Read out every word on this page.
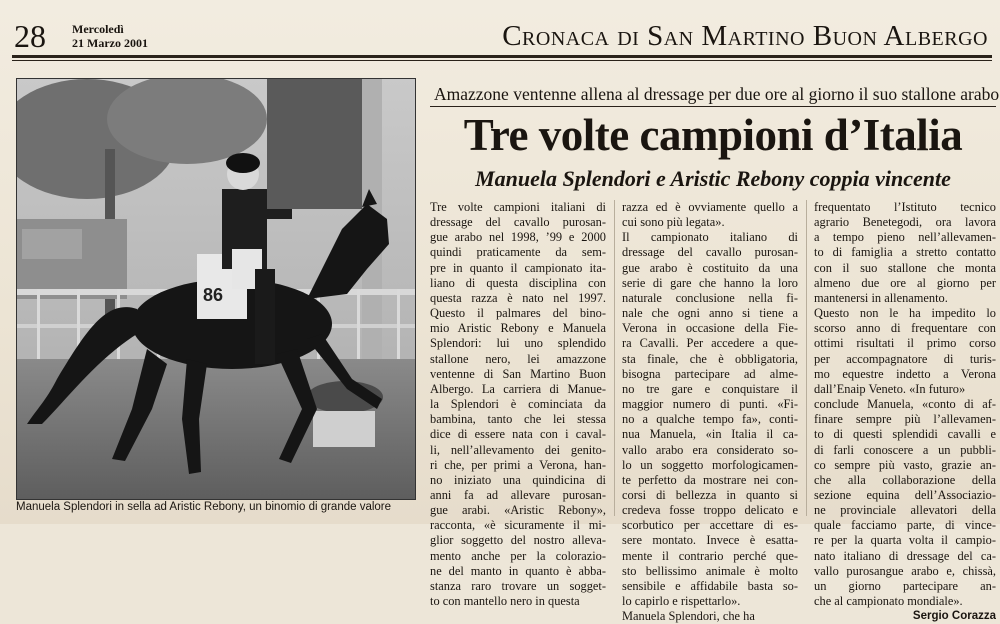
28 Mercoledì
21 Marzo 2001	Cronaca di San Martino Buon Albergo
86
Manuela Splendori in sella ad Aristic Rebony, un binomio di grande valore
Amazzone ventenne allena al dressage per due ore al giorno il suo stallone arabo
Tre volte campioni d’Italia
Manuela Splendori e Aristic Rebony coppia vincente
Tre volte campioni italiani di
dressage del cavallo purosan-
gue arabo nel 1998, ’99 e 2000
quindi praticamente da sem-
pre in quanto il campionato ita-
liano di questa disciplina con
questa razza è nato nel 1997.
Questo il palmares del bino-
mio Aristic Rebony e Manuela
Splendori: lui uno splendido
stallone nero, lei amazzone
ventenne di San Martino Buon
Albergo. La carriera di Manue-
la Splendori è cominciata da
bambina, tanto che lei stessa
dice di essere nata con i caval-
li, nell’allevamento dei genito-
ri che, per primi a Verona, han-
no iniziato una quindicina di
anni fa ad allevare purosan-
gue arabi. «Aristic Rebony»,
racconta, «è sicuramente il mi-
glior soggetto del nostro alleva-
mento anche per la colorazio-
ne del manto in quanto è abba-
stanza raro trovare un sogget-
to con mantello nero in questa
razza ed è ovviamente quello a
cui sono più legata».
Il campionato italiano di
dressage del cavallo purosan-
gue arabo è costituito da una
serie di gare che hanno la loro
naturale conclusione nella fi-
nale che ogni anno si tiene a
Verona in occasione della Fie-
ra Cavalli. Per accedere a que-
sta finale, che è obbligatoria,
bisogna partecipare ad alme-
no tre gare e conquistare il
maggior numero di punti. «Fi-
no a qualche tempo fa», conti-
nua Manuela, «in Italia il ca-
vallo arabo era considerato so-
lo un soggetto morfologicamen-
te perfetto da mostrare nei con-
corsi di bellezza in quanto si
credeva fosse troppo delicato e
scorbutico per accettare di es-
sere montato. Invece è esatta-
mente il contrario perché que-
sto bellissimo animale è molto
sensibile e affidabile basta so-
lo capirlo e rispettarlo».
Manuela Splendori, che ha
frequentato l’Istituto tecnico
agrario Benetegodi, ora lavora
a tempo pieno nell’allevamen-
to di famiglia a stretto contatto
con il suo stallone che monta
almeno due ore al giorno per
mantenersi in allenamento.
Questo non le ha impedito lo
scorso anno di frequentare con
ottimi risultati il primo corso
per accompagnatore di turis-
mo equestre indetto a Verona
dall’Enaip Veneto. «In futuro»
conclude Manuela, «conto di af-
finare sempre più l’allevamen-
to di questi splendidi cavalli e
di farli conoscere a un pubbli-
co sempre più vasto, grazie an-
che alla collaborazione della
sezione equina dell’Associazio-
ne provinciale allevatori della
quale facciamo parte, di vince-
re per la quarta volta il campio-
nato italiano di dressage del ca-
vallo purosangue arabo e, chissà,
un giorno partecipare an-
che al campionato mondiale».
Sergio Corazza
